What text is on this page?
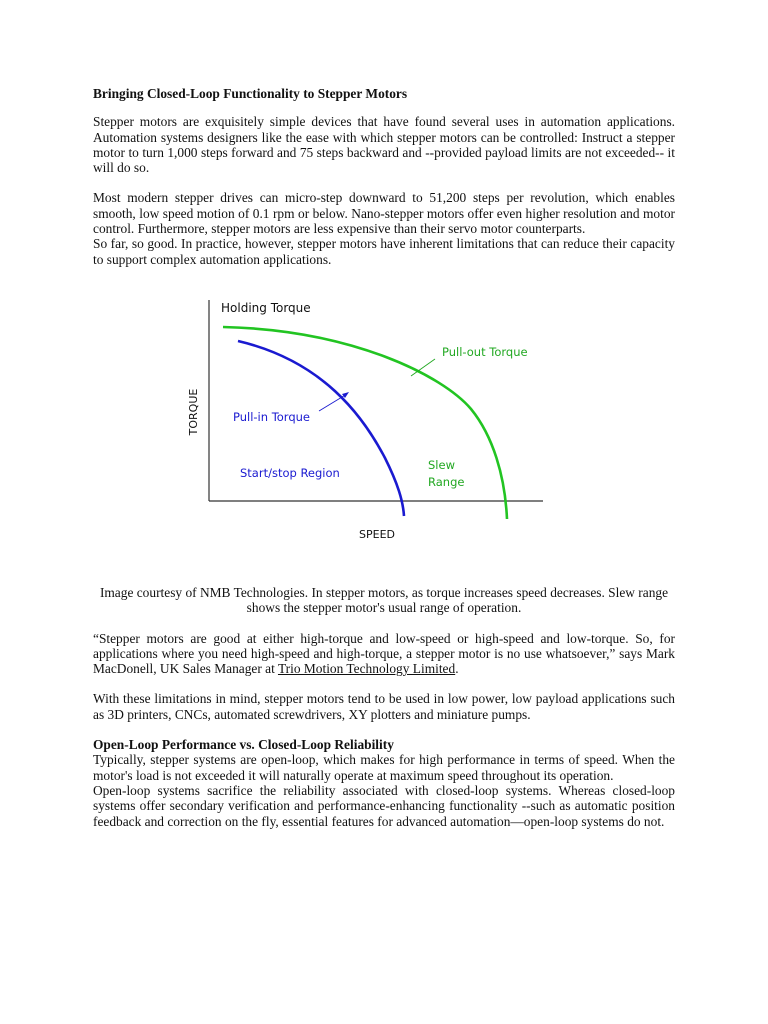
Bringing Closed-Loop Functionality to Stepper Motors
Stepper motors are exquisitely simple devices that have found several uses in automation applications. Automation systems designers like the ease with which stepper motors can be controlled: Instruct a stepper motor to turn 1,000 steps forward and 75 steps backward and --provided payload limits are not exceeded-- it will do so.
Most modern stepper drives can micro-step downward to 51,200 steps per revolution, which enables smooth, low speed motion of 0.1 rpm or below. Nano-stepper motors offer even higher resolution and motor control. Furthermore, stepper motors are less expensive than their servo motor counterparts.
So far, so good. In practice, however, stepper motors have inherent limitations that can reduce their capacity to support complex automation applications.
Holding Torque
Pull-out Torque
Pull-in Torque
Start/stop Region
Slew
Range
TORQUE
SPEED
Image courtesy of NMB Technologies. In stepper motors, as torque increases speed decreases. Slew range shows the stepper motor's usual range of operation.
“Stepper motors are good at either high-torque and low-speed or high-speed and low-torque. So, for applications where you need high-speed and high-torque, a stepper motor is no use whatsoever,” says Mark MacDonell, UK Sales Manager at Trio Motion Technology Limited.
With these limitations in mind, stepper motors tend to be used in low power, low payload applications such as 3D printers, CNCs, automated screwdrivers, XY plotters and miniature pumps.
Open-Loop Performance vs. Closed-Loop Reliability
Typically, stepper systems are open-loop, which makes for high performance in terms of speed. When the motor's load is not exceeded it will naturally operate at maximum speed throughout its operation.
Open-loop systems sacrifice the reliability associated with closed-loop systems. Whereas closed-loop systems offer secondary verification and performance-enhancing functionality --such as automatic position feedback and correction on the fly, essential features for advanced automation—open-loop systems do not.
